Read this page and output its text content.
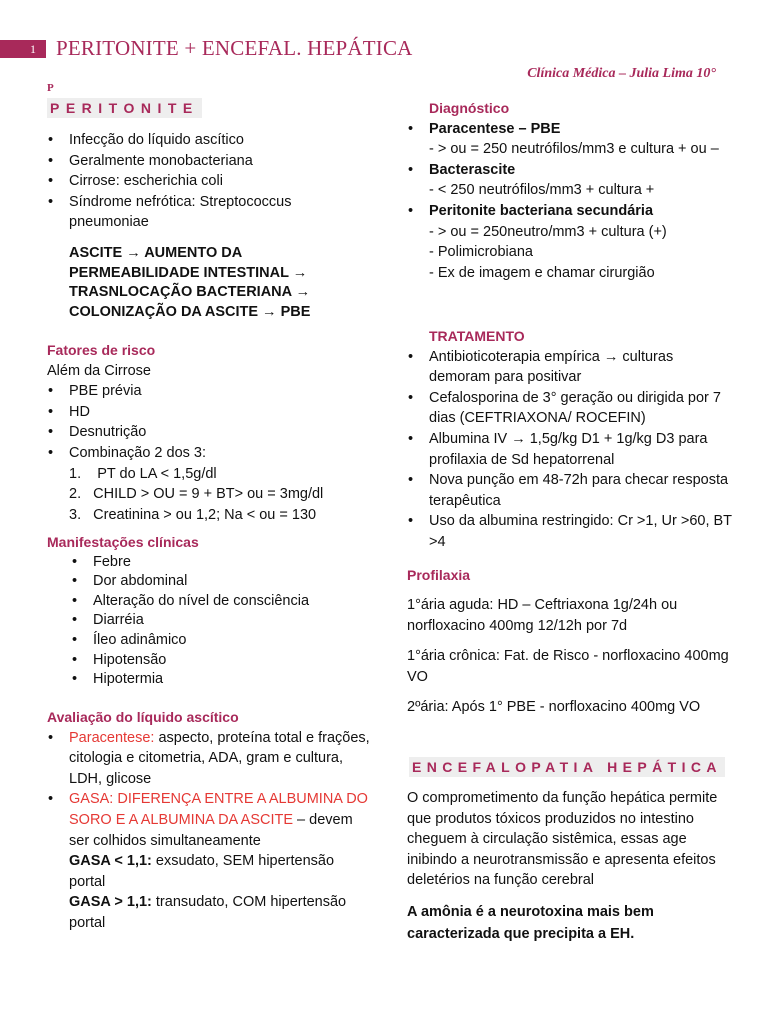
1 PERITONITE + ENCEFAL. HEPÁTICA
Clínica Médica – Julia Lima 10°
P
PERITONITE
• Infecção do líquido ascítico
• Geralmente monobacteriana
• Cirrose: escherichia coli
• Síndrome nefrótica: Streptococcus pneumoniae
ASCITE → AUMENTO DA
PERMEABILIDADE INTESTINAL →
TRASNLOCAÇÃO BACTERIANA →
COLONIZAÇÃO DA ASCITE → PBE
Fatores de risco
Além da Cirrose
• PBE prévia
• HD
• Desnutrição
• Combinação 2 dos 3:
1.    PT do LA < 1,5g/dl
2.   CHILD > OU = 9 + BT> ou = 3mg/dl
3.   Creatinina > ou 1,2; Na < ou = 130
Manifestações clínicas
• Febre
• Dor abdominal
• Alteração do nível de consciência
• Diarréia
• Íleo adinâmico
• Hipotensão
• Hipotermia
Avaliação do líquido ascítico
• Paracentese: aspecto, proteína total e frações, citologia e citometria, ADA, gram e cultura, LDH, glicose
• GASA: DIFERENÇA ENTRE A ALBUMINA DO SORO E A ALBUMINA DA ASCITE – devem ser colhidos simultaneamente
GASA < 1,1: exsudato, SEM hipertensão portal
GASA > 1,1: transudato, COM hipertensão portal
Diagnóstico
• Paracentese – PBE
- > ou = 250 neutrófilos/mm3 e cultura + ou –
• Bacterascite
- < 250 neutrófilos/mm3 + cultura +
• Peritonite bacteriana secundária
- > ou = 250neutro/mm3 + cultura (+)
- Polimicrobiana
- Ex de imagem e chamar cirurgião
TRATAMENTO
• Antibioticoterapia empírica → culturas demoram para positivar
• Cefalosporina de 3° geração ou dirigida por 7 dias (CEFTRIAXONA/ ROCEFIN)
• Albumina IV → 1,5g/kg D1 + 1g/kg D3 para profilaxia de Sd hepatorrenal
• Nova punção em 48-72h para checar resposta terapêutica
• Uso da albumina restringido: Cr >1, Ur >60, BT >4
Profilaxia
1°ária aguda: HD – Ceftriaxona 1g/24h ou norfloxacino 400mg 12/12h por 7d
1°ária crônica: Fat. de Risco - norfloxacino 400mg VO
2ºária: Após 1° PBE - norfloxacino 400mg VO
ENCEFALOPATIA HEPÁTICA
O comprometimento da função hepática permite que produtos tóxicos produzidos no intestino cheguem à circulação sistêmica, essas age inibindo a neurotransmissão e apresenta efeitos deletérios na função cerebral
A amônia é a neurotoxina mais bem caracterizada que precipita a EH.
